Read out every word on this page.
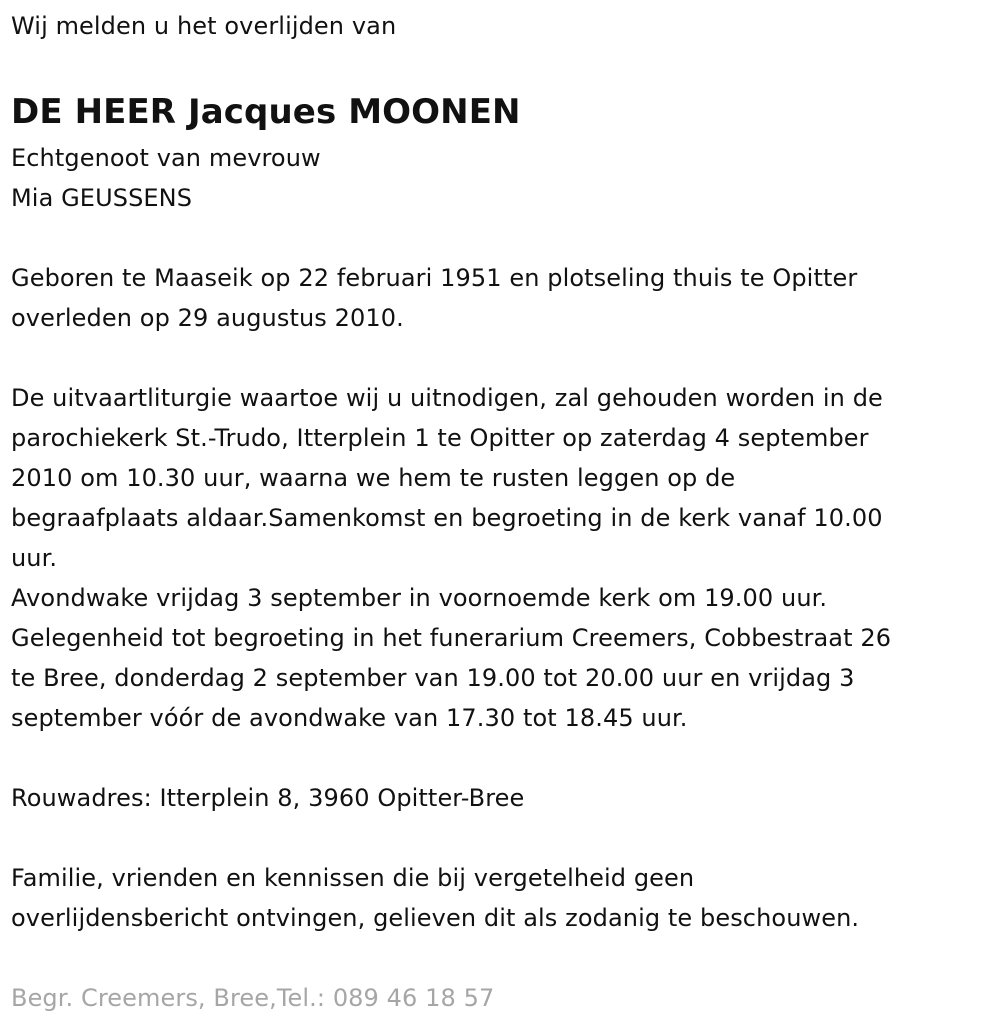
Wij melden u het overlijden van
DE HEER Jacques MOONEN
Echtgenoot van mevrouw
Mia GEUSSENS
Geboren te Maaseik op 22 februari 1951 en plotseling thuis te Opitter
overleden op 29 augustus 2010.
De uitvaartliturgie waartoe wij u uitnodigen, zal gehouden worden in de
parochiekerk St.-Trudo, Itterplein 1 te Opitter op zaterdag 4 september
2010 om 10.30 uur, waarna we hem te rusten leggen op de
begraafplaats aldaar.Samenkomst en begroeting in de kerk vanaf 10.00
uur.
Avondwake vrijdag 3 september in voornoemde kerk om 19.00 uur.
Gelegenheid tot begroeting in het funerarium Creemers, Cobbestraat 26
te Bree, donderdag 2 september van 19.00 tot 20.00 uur en vrijdag 3
september vóór de avondwake van 17.30 tot 18.45 uur.
Rouwadres: Itterplein 8, 3960 Opitter-Bree
Familie, vrienden en kennissen die bij vergetelheid geen
overlijdensbericht ontvingen, gelieven dit als zodanig te beschouwen.
Begr. Creemers, Bree,Tel.: 089 46 18 57
